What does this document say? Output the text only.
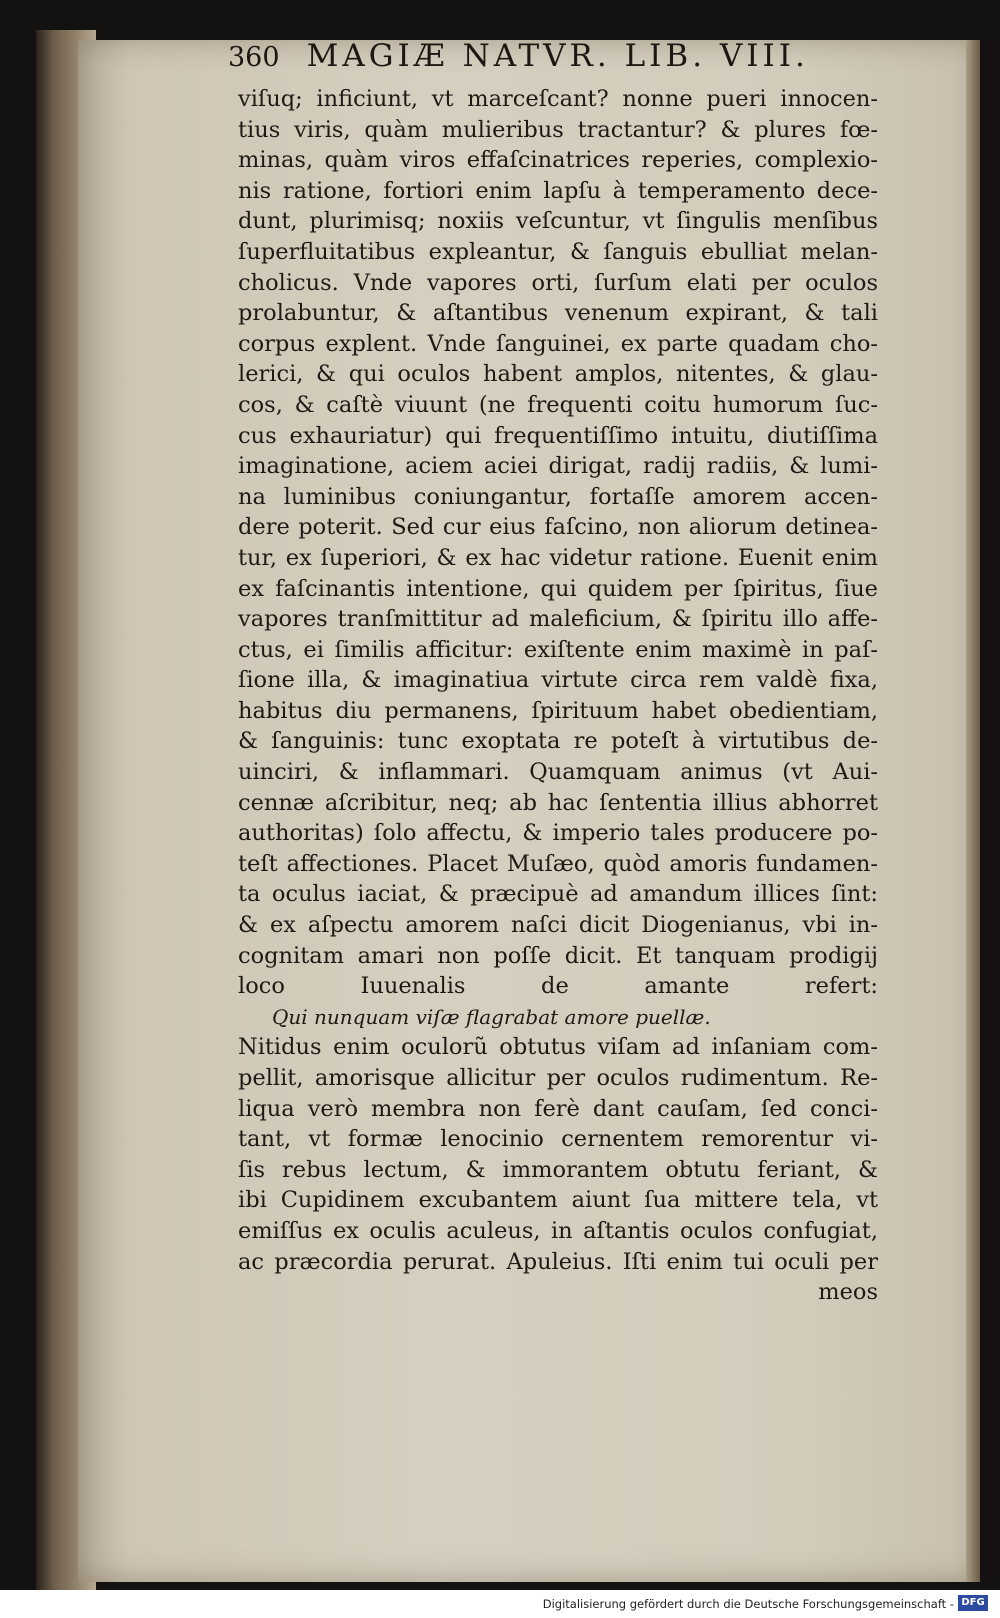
360 MAGIÆ NATVR. LIB. VIII.
viſuq; inficiunt, vt marceſcant? nonne pueri innocen-
tius viris, quàm mulieribus tractantur? & plures fœ-
minas, quàm viros effaſcinatrices reperies, complexio-
nis ratione, fortiori enim lapſu à temperamento dece-
dunt, plurimisq; noxiis veſcuntur, vt ſingulis menſibus
ſuperfluitatibus expleantur, & ſanguis ebulliat melan-
cholicus. Vnde vapores orti, ſurſum elati per oculos
prolabuntur, & aſtantibus venenum expirant, & tali
corpus explent. Vnde ſanguinei, ex parte quadam cho-
lerici, & qui oculos habent amplos, nitentes, & glau-
cos, & caſtè viuunt (ne frequenti coitu humorum ſuc-
cus exhauriatur) qui frequentiſſimo intuitu, diutiſſima
imaginatione, aciem aciei dirigat, radij radiis, & lumi-
na luminibus coniungantur, fortaſſe amorem accen-
dere poterit. Sed cur eius faſcino, non aliorum detinea-
tur, ex ſuperiori, & ex hac videtur ratione. Euenit enim
ex faſcinantis intentione, qui quidem per ſpiritus, ſiue
vapores tranſmittitur ad maleficium, & ſpiritu illo affe-
ctus, ei ſimilis afficitur: exiſtente enim maximè in paſ-
ſione illa, & imaginatiua virtute circa rem valdè fixa,
habitus diu permanens, ſpirituum habet obedientiam,
& ſanguinis: tunc exoptata re poteſt à virtutibus de-
uinciri, & inflammari. Quamquam animus (vt Aui-
cennæ aſcribitur, neq; ab hac ſententia illius abhorret
authoritas) ſolo affectu, & imperio tales producere po-
teſt affectiones. Placet Muſæo, quòd amoris fundamen-
ta oculus iaciat, & præcipuè ad amandum illices ſint:
& ex aſpectu amorem naſci dicit Diogenianus, vbi in-
cognitam amari non poſſe dicit. Et tanquam prodigij
loco Iuuenalis de amante refert:
Qui nunquam viſæ flagrabat amore puellæ.
Nitidus enim oculorũ obtutus viſam ad inſaniam com-
pellit, amorisque allicitur per oculos rudimentum. Re-
liqua verò membra non ferè dant cauſam, ſed conci-
tant, vt formæ lenocinio cernentem remorentur vi-
ſis rebus lectum, & immorantem obtutu feriant, &
ibi Cupidinem excubantem aiunt ſua mittere tela, vt
emiſſus ex oculis aculeus, in aſtantis oculos confugiat,
ac præcordia perurat. Apuleius. Iſti enim tui oculi per
meos
Digitalisierung gefördert durch die Deutsche Forschungsgemeinschaft - DFG
